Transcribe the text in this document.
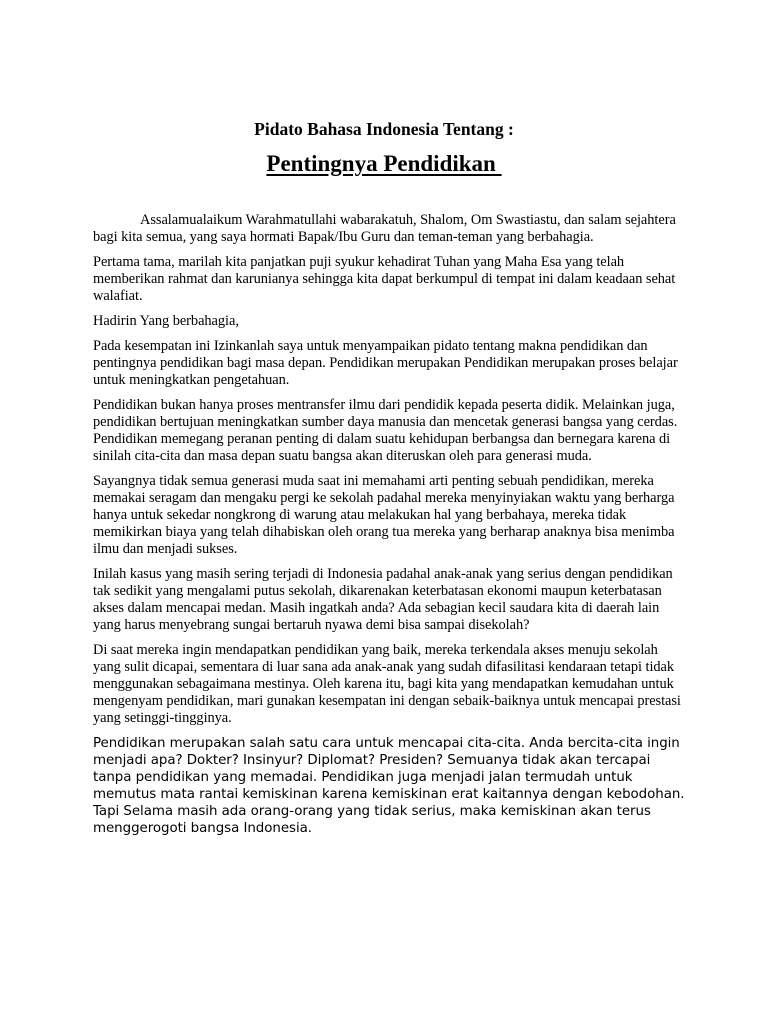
Pidato Bahasa Indonesia Tentang :
Pentingnya Pendidikan

Assalamualaikum Warahmatullahi wabarakatuh, Shalom, Om Swastiastu, dan salam sejahtera bagi kita semua, yang saya hormati Bapak/Ibu Guru dan teman-teman yang berbahagia.

Pertama tama, marilah kita panjatkan puji syukur kehadirat Tuhan yang Maha Esa yang telah memberikan rahmat dan karunianya sehingga kita dapat berkumpul di tempat ini dalam keadaan sehat walafiat.

Hadirin Yang berbahagia,

Pada kesempatan ini Izinkanlah saya untuk menyampaikan pidato tentang makna pendidikan dan pentingnya pendidikan bagi masa depan. Pendidikan merupakan Pendidikan merupakan proses belajar untuk meningkatkan pengetahuan.

Pendidikan bukan hanya proses mentransfer ilmu dari pendidik kepada peserta didik. Melainkan juga, pendidikan bertujuan meningkatkan sumber daya manusia dan mencetak generasi bangsa yang cerdas. Pendidikan memegang peranan penting di dalam suatu kehidupan berbangsa dan bernegara karena di sinilah cita-cita dan masa depan suatu bangsa akan diteruskan oleh para generasi muda.

Sayangnya tidak semua generasi muda saat ini memahami arti penting sebuah pendidikan, mereka memakai seragam dan mengaku pergi ke sekolah padahal mereka menyinyiakan waktu yang berharga hanya untuk sekedar nongkrong di warung atau melakukan hal yang berbahaya, mereka tidak memikirkan biaya yang telah dihabiskan oleh orang tua mereka yang berharap anaknya bisa menimba ilmu dan menjadi sukses.

Inilah kasus yang masih sering terjadi di Indonesia padahal anak-anak yang serius dengan pendidikan tak sedikit yang mengalami putus sekolah, dikarenakan keterbatasan ekonomi maupun keterbatasan akses dalam mencapai medan. Masih ingatkah anda? Ada sebagian kecil saudara kita di daerah lain yang harus menyebrang sungai bertaruh nyawa demi bisa sampai disekolah?

Di saat mereka ingin mendapatkan pendidikan yang baik, mereka terkendala akses menuju sekolah yang sulit dicapai, sementara di luar sana ada anak-anak yang sudah difasilitasi kendaraan tetapi tidak menggunakan sebagaimana mestinya. Oleh karena itu, bagi kita yang mendapatkan kemudahan untuk mengenyam pendidikan, mari gunakan kesempatan ini dengan sebaik-baiknya untuk mencapai prestasi yang setinggi-tingginya.

Pendidikan merupakan salah satu cara untuk mencapai cita-cita. Anda bercita-cita ingin menjadi apa? Dokter? Insinyur? Diplomat? Presiden? Semuanya tidak akan tercapai tanpa pendidikan yang memadai. Pendidikan juga menjadi jalan termudah untuk memutus mata rantai kemiskinan karena kemiskinan erat kaitannya dengan kebodohan. Tapi Selama masih ada orang-orang yang tidak serius, maka kemiskinan akan terus menggerogoti bangsa Indonesia.
